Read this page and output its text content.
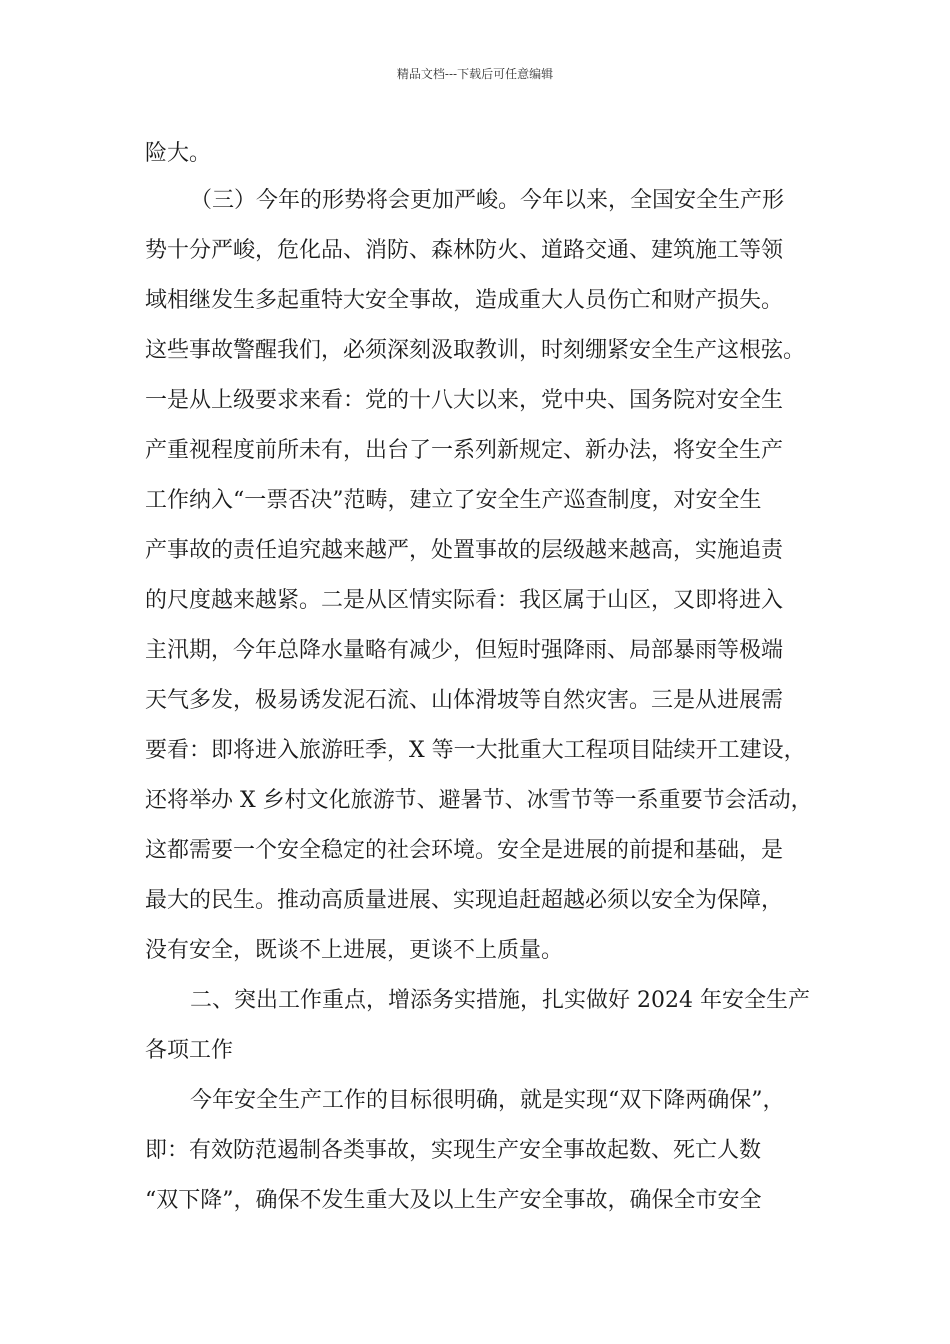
精品文档---下载后可任意编辑
险大。
（三）今年的形势将会更加严峻。今年以来，全国安全生产形
势十分严峻，危化品、消防、森林防火、道路交通、建筑施工等领
域相继发生多起重特大安全事故，造成重大人员伤亡和财产损失。
这些事故警醒我们，必须深刻汲取教训，时刻绷紧安全生产这根弦。
一是从上级要求来看：党的十八大以来，党中央、国务院对安全生
产重视程度前所未有，出台了一系列新规定、新办法，将安全生产
工作纳入“一票否决”范畴，建立了安全生产巡查制度，对安全生
产事故的责任追究越来越严，处置事故的层级越来越高，实施追责
的尺度越来越紧。二是从区情实际看：我区属于山区，又即将进入
主汛期，今年总降水量略有减少，但短时强降雨、局部暴雨等极端
天气多发，极易诱发泥石流、山体滑坡等自然灾害。三是从进展需
要看：即将进入旅游旺季，X 等一大批重大工程项目陆续开工建设，
还将举办 X 乡村文化旅游节、避暑节、冰雪节等一系重要节会活动，
这都需要一个安全稳定的社会环境。安全是进展的前提和基础，是
最大的民生。推动高质量进展、实现追赶超越必须以安全为保障，
没有安全，既谈不上进展，更谈不上质量。
二、突出工作重点，增添务实措施，扎实做好 2024 年安全生产
各项工作
今年安全生产工作的目标很明确，就是实现“双下降两确保”，
即：有效防范遏制各类事故，实现生产安全事故起数、死亡人数
“双下降”，确保不发生重大及以上生产安全事故，确保全市安全
